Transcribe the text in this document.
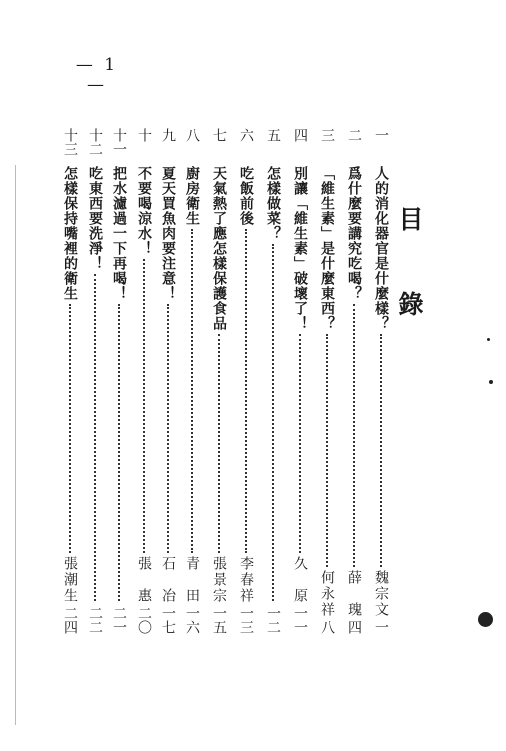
— 1 —
目
錄
一
人的消化器官是什麼樣？
魏宗文
一
二
爲什麼要講究吃喝？
薛　瑰
四
三
「維生素」是什麼東西？
何永祥
八
四
別讓「維生素」破壞了！
久　原
一一
五
怎樣做菜？
一二
六
吃飯前後
李春祥
一三
七
天氣熱了應怎樣保護食品
張景宗
一五
八
廚房衛生
青　田
一六
九
夏天買魚肉要注意！
石　冶
一七
十
不要喝涼水！
張　惠
二〇
十一
把水濾過一下再喝！
二一
十二
吃東西要洗淨！
二二
十三
怎樣保持嘴裡的衛生
張潮生
二四
